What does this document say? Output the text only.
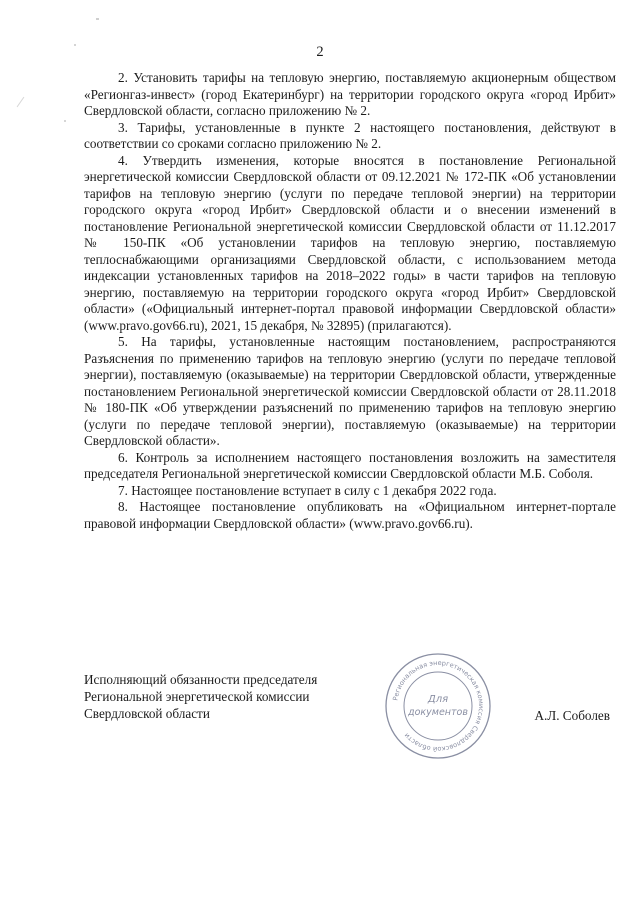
2

2. Установить тарифы на тепловую энергию, поставляемую акционерным обществом «Регионгаз-инвест» (город Екатеринбург) на территории городского округа «город Ирбит» Свердловской области, согласно приложению № 2.

3. Тарифы, установленные в пункте 2 настоящего постановления, действуют в соответствии со сроками согласно приложению № 2.

4. Утвердить изменения, которые вносятся в постановление Региональной энергетической комиссии Свердловской области от 09.12.2021 № 172-ПК «Об установлении тарифов на тепловую энергию (услуги по передаче тепловой энергии) на территории городского округа «город Ирбит» Свердловской области и о внесении изменений в постановление Региональной энергетической комиссии Свердловской области от 11.12.2017 № 150-ПК «Об установлении тарифов на тепловую энергию, поставляемую теплоснабжающими организациями Свердловской области, с использованием метода индексации установленных тарифов на 2018–2022 годы» в части тарифов на тепловую энергию, поставляемую на территории городского округа «город Ирбит» Свердловской области» («Официальный интернет-портал правовой информации Свердловской области» (www.pravo.gov66.ru), 2021, 15 декабря, № 32895) (прилагаются).

5. На тарифы, установленные настоящим постановлением, распространяются Разъяснения по применению тарифов на тепловую энергию (услуги по передаче тепловой энергии), поставляемую (оказываемые) на территории Свердловской области, утвержденные постановлением Региональной энергетической комиссии Свердловской области от 28.11.2018 № 180-ПК «Об утверждении разъяснений по применению тарифов на тепловую энергию (услуги по передаче тепловой энергии), поставляемую (оказываемые) на территории Свердловской области».

6. Контроль за исполнением настоящего постановления возложить на заместителя председателя Региональной энергетической комиссии Свердловской области М.Б. Соболя.

7. Настоящее постановление вступает в силу с 1 декабря 2022 года.

8. Настоящее постановление опубликовать на «Официальном интернет-портале правовой информации Свердловской области» (www.pravo.gov66.ru).

Исполняющий обязанности председателя
Региональной энергетической комиссии
Свердловской области	А.Л. Соболев
Региональная энергетическая комиссия Свердловской области
Для
документов
